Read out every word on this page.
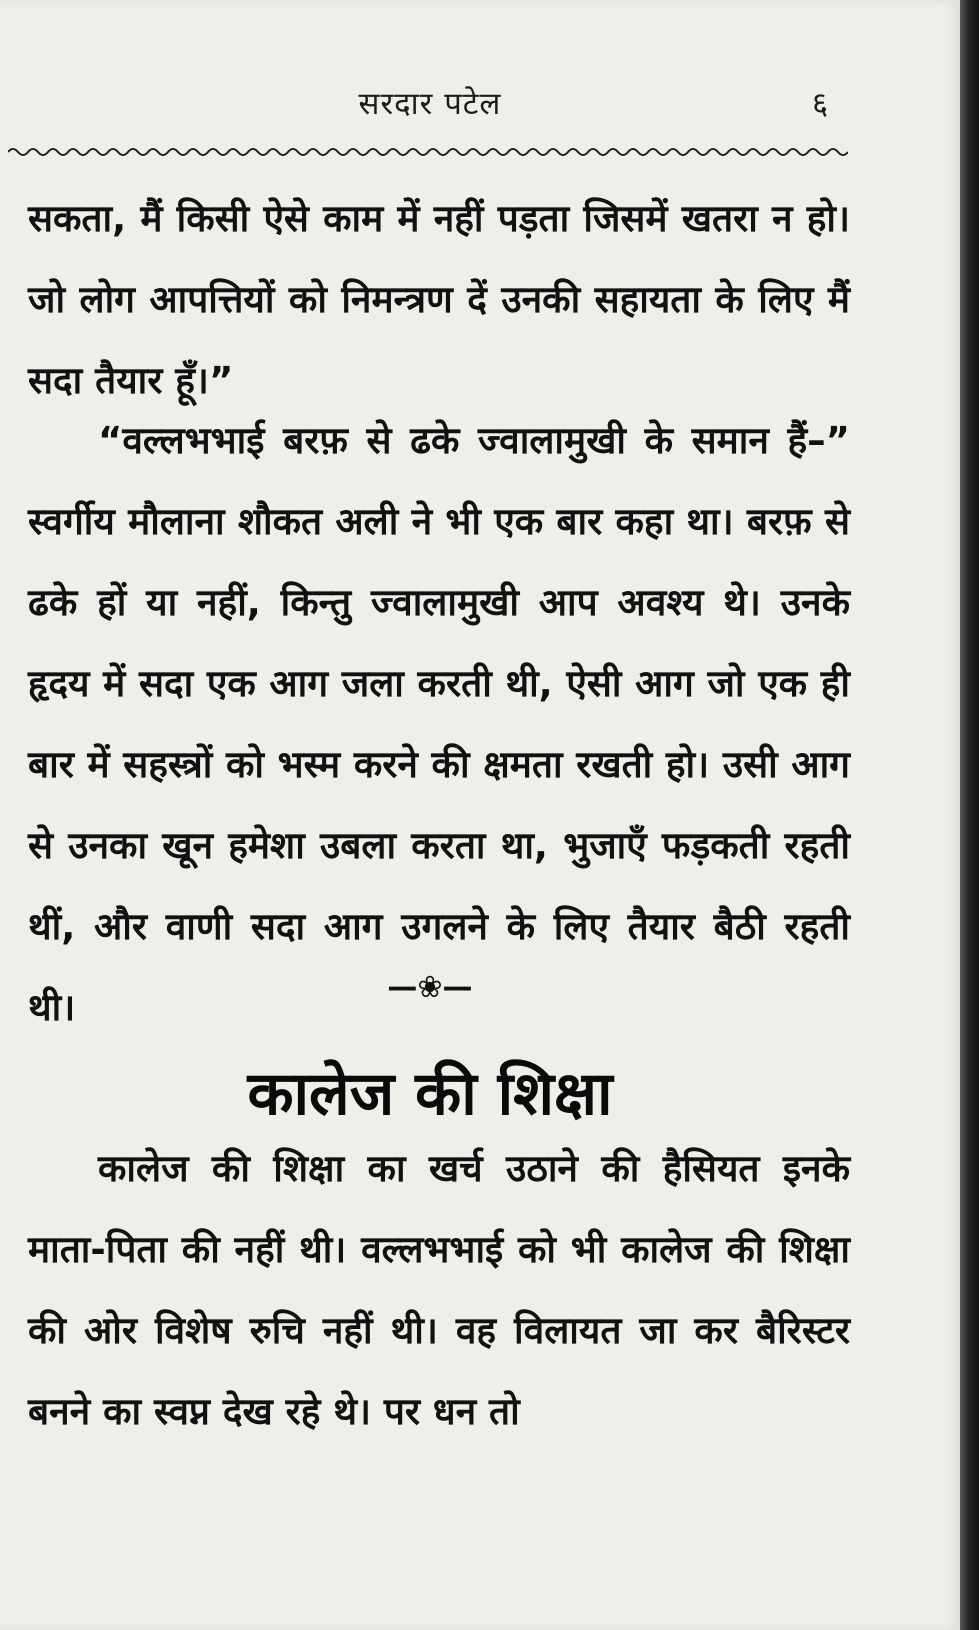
सरदार पटेल	६
सकता, मैं किसी ऐसे काम में नहीं पड़ता जिसमें खतरा न हो। जो लोग आपत्तियों को निमन्त्रण दें उनकी सहायता के लिए मैं सदा तैयार हूँ।”
“वल्लभभाई बरफ़ से ढके ज्वालामुखी के समान हैं–” स्वर्गीय मौलाना शौकत अली ने भी एक बार कहा था। बरफ़ से ढके हों या नहीं, किन्तु ज्वालामुखी आप अवश्य थे। उनके हृदय में सदा एक आग जला करती थी, ऐसी आग जो एक ही बार में सहस्त्रों को भस्म करने की क्षमता रखती हो। उसी आग से उनका खून हमेशा उबला करता था, भुजाएँ फड़कती रहती थीं, और वाणी सदा आग उगलने के लिए तैयार बैठी रहती थी।	—❀—
कालेज की शिक्षा
कालेज की शिक्षा का खर्च उठाने की हैसियत इनके माता-पिता की नहीं थी। वल्लभभाई को भी कालेज की शिक्षा की ओर विशेष रुचि नहीं थी। वह विलायत जा कर बैरिस्टर बनने का स्वप्न देख रहे थे। पर धन तो
